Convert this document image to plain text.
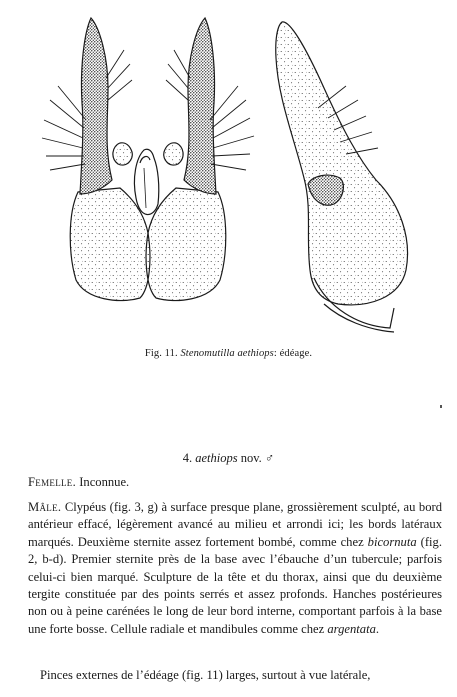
Fig. 11. Stenomutilla aethiops: édéage.
4. aethiops nov. ♂
Femelle. Inconnue.
Mâle. Clypéus (fig. 3, g) à surface presque plane, grossièrement sculpté, au bord antérieur effacé, légèrement avancé au milieu et arrondi ici; les bords latéraux marqués. Deuxième sternite assez fortement bombé, comme chez bicornuta (fig. 2, b-d). Premier sternite près de la base avec l’ébauche d’un tubercule; parfois celui-ci bien marqué. Sculpture de la tête et du thorax, ainsi que du deuxième tergite constituée par des points serrés et assez profonds. Hanches postérieures non ou à peine carénées le long de leur bord interne, comportant parfois à la base une forte bosse. Cellule radiale et mandibules comme chez argentata.
Pinces externes de l’édéage (fig. 11) larges, surtout à vue latérale,
